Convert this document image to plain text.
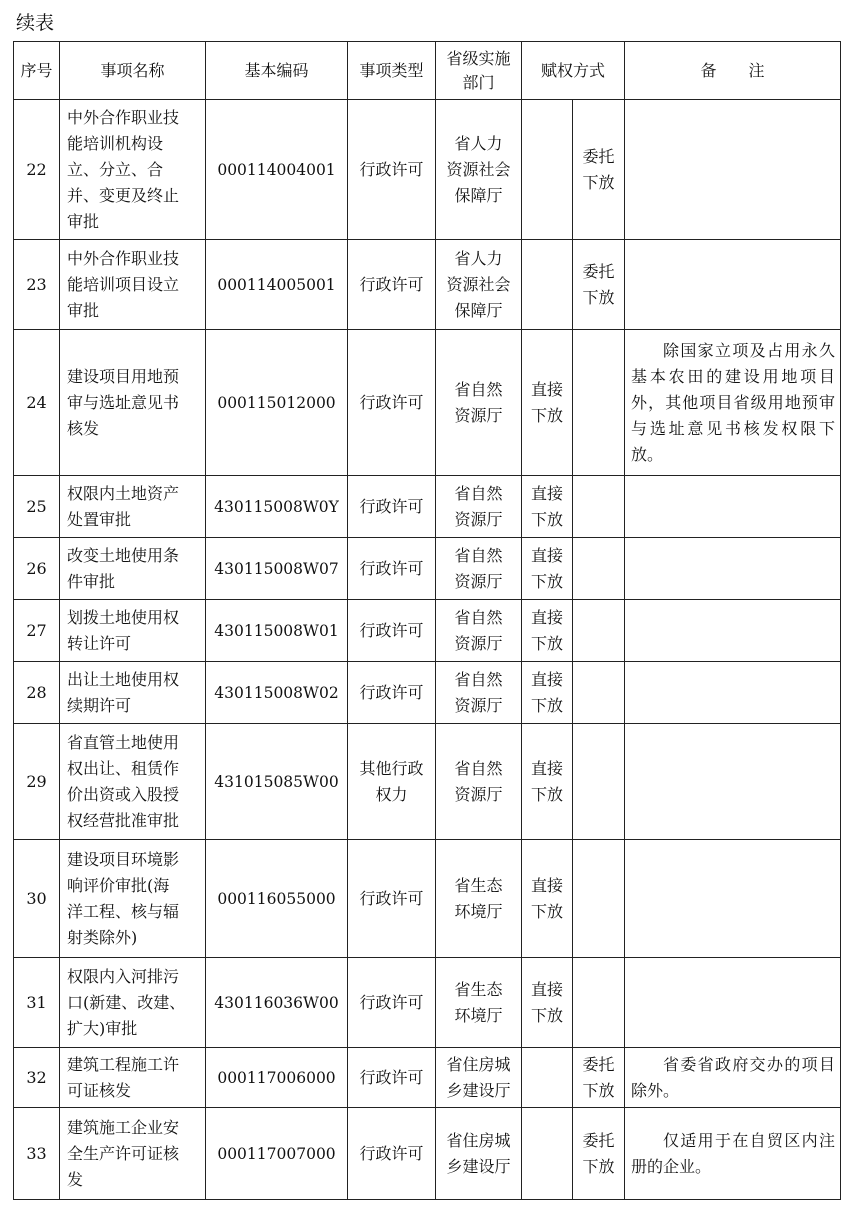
续表
序号	事项名称	基本编码	事项类型	省级实施
部门	赋权方式		备　　注
22	中外合作职业技
能培训机构设
立、分立、合
并、变更及终止
审批	000114004001	行政许可	省人力
资源社会
保障厅		委托
下放	
23	中外合作职业技
能培训项目设立
审批	000114005001	行政许可	省人力
资源社会
保障厅		委托
下放	
24	建设项目用地预
审与选址意见书
核发	000115012000	行政许可	省自然
资源厅	直接
下放		除国家立项及占用永久基本农田的建设用地项目外，其他项目省级用地预审与选址意见书核发权限下放。
25	权限内土地资产
处置审批	430115008W0Y	行政许可	省自然
资源厅	直接
下放		
26	改变土地使用条
件审批	430115008W07	行政许可	省自然
资源厅	直接
下放		
27	划拨土地使用权
转让许可	430115008W01	行政许可	省自然
资源厅	直接
下放		
28	出让土地使用权
续期许可	430115008W02	行政许可	省自然
资源厅	直接
下放		
29	省直管土地使用
权出让、租赁作
价出资或入股授
权经营批准审批	431015085W00	其他行政
权力	省自然
资源厅	直接
下放		
30	建设项目环境影
响评价审批(海
洋工程、核与辐
射类除外)	000116055000	行政许可	省生态
环境厅	直接
下放		
31	权限内入河排污
口(新建、改建、
扩大)审批	430116036W00	行政许可	省生态
环境厅	直接
下放		
32	建筑工程施工许
可证核发	000117006000	行政许可	省住房城
乡建设厅		委托
下放	省委省政府交办的项目除外。
33	建筑施工企业安
全生产许可证核
发	000117007000	行政许可	省住房城
乡建设厅		委托
下放	仅适用于在自贸区内注册的企业。
